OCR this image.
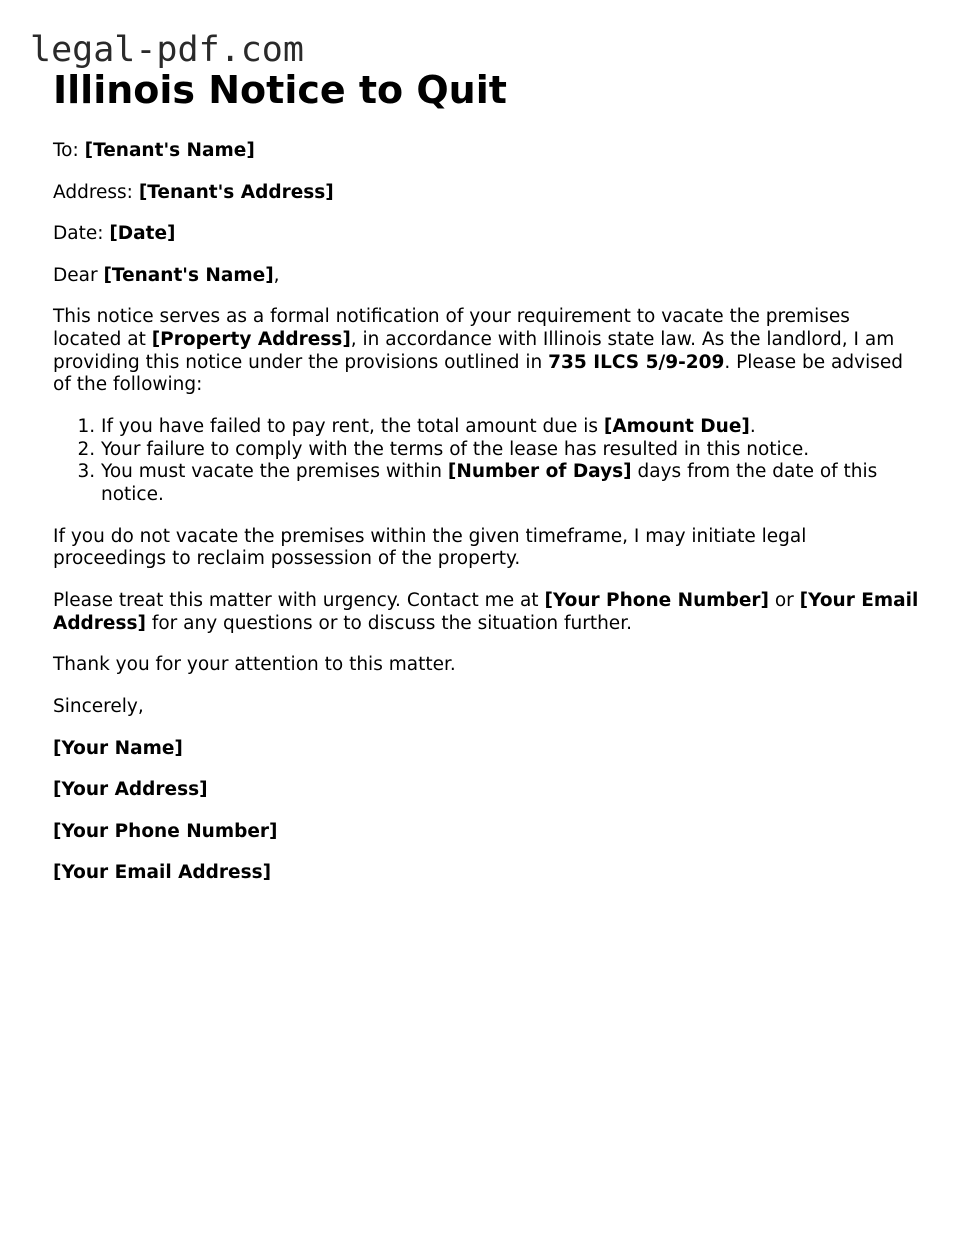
legal-pdf.com
Illinois Notice to Quit

To: [Tenant's Name]

Address: [Tenant's Address]

Date: [Date]

Dear [Tenant's Name],

This notice serves as a formal notification of your requirement to vacate the premises located at [Property Address], in accordance with Illinois state law. As the landlord, I am providing this notice under the provisions outlined in 735 ILCS 5/9-209. Please be advised of the following:

1. If you have failed to pay rent, the total amount due is [Amount Due].
2. Your failure to comply with the terms of the lease has resulted in this notice.
3. You must vacate the premises within [Number of Days] days from the date of this notice.

If you do not vacate the premises within the given timeframe, I may initiate legal proceedings to reclaim possession of the property.

Please treat this matter with urgency. Contact me at [Your Phone Number] or [Your Email Address] for any questions or to discuss the situation further.

Thank you for your attention to this matter.

Sincerely,

[Your Name]

[Your Address]

[Your Phone Number]

[Your Email Address]
